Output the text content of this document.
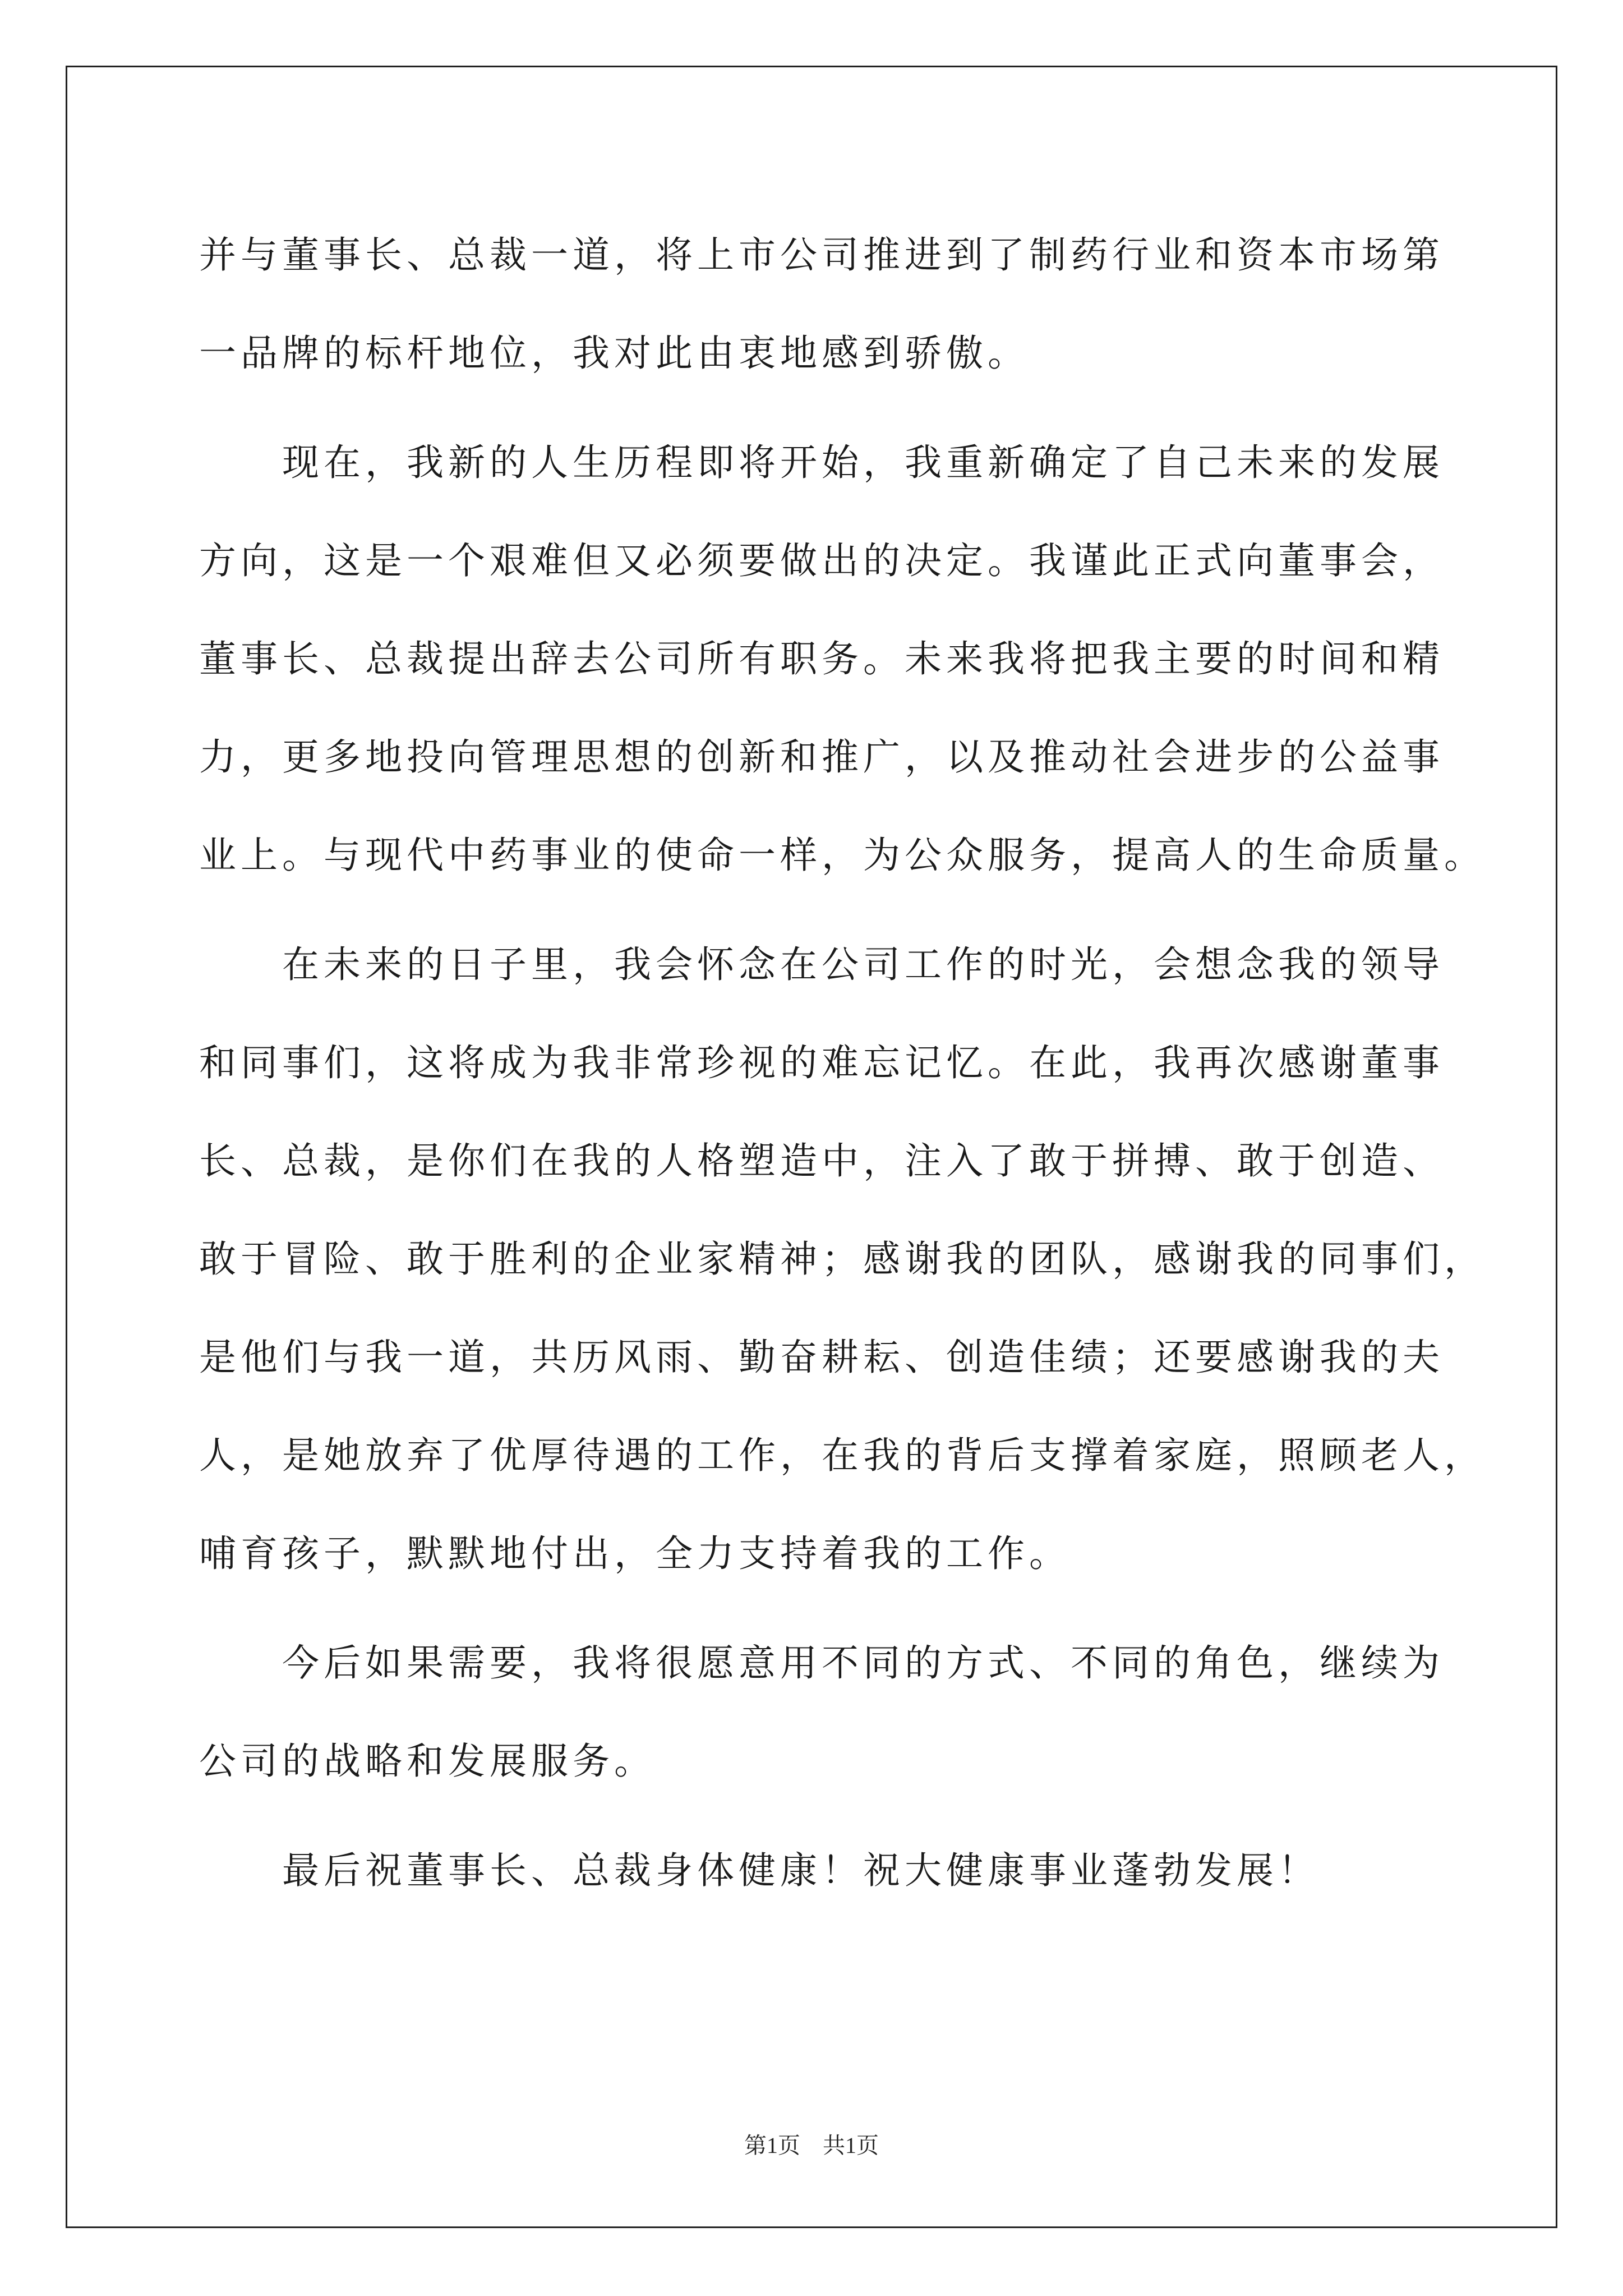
并与董事长、总裁一道，将上市公司推进到了制药行业和资本市场第
一品牌的标杆地位，我对此由衷地感到骄傲。
　　现在，我新的人生历程即将开始，我重新确定了自己未来的发展
方向，这是一个艰难但又必须要做出的决定。我谨此正式向董事会，
董事长、总裁提出辞去公司所有职务。未来我将把我主要的时间和精
力，更多地投向管理思想的创新和推广，以及推动社会进步的公益事
业上。与现代中药事业的使命一样，为公众服务，提高人的生命质量。
　　在未来的日子里，我会怀念在公司工作的时光，会想念我的领导
和同事们，这将成为我非常珍视的难忘记忆。在此，我再次感谢董事
长、总裁，是你们在我的人格塑造中，注入了敢于拼搏、敢于创造、
敢于冒险、敢于胜利的企业家精神；感谢我的团队，感谢我的同事们，
是他们与我一道，共历风雨、勤奋耕耘、创造佳绩；还要感谢我的夫
人，是她放弃了优厚待遇的工作，在我的背后支撑着家庭，照顾老人，
哺育孩子，默默地付出，全力支持着我的工作。
　　今后如果需要，我将很愿意用不同的方式、不同的角色，继续为
公司的战略和发展服务。
　　最后祝董事长、总裁身体健康！祝大健康事业蓬勃发展！
第1页　共1页
